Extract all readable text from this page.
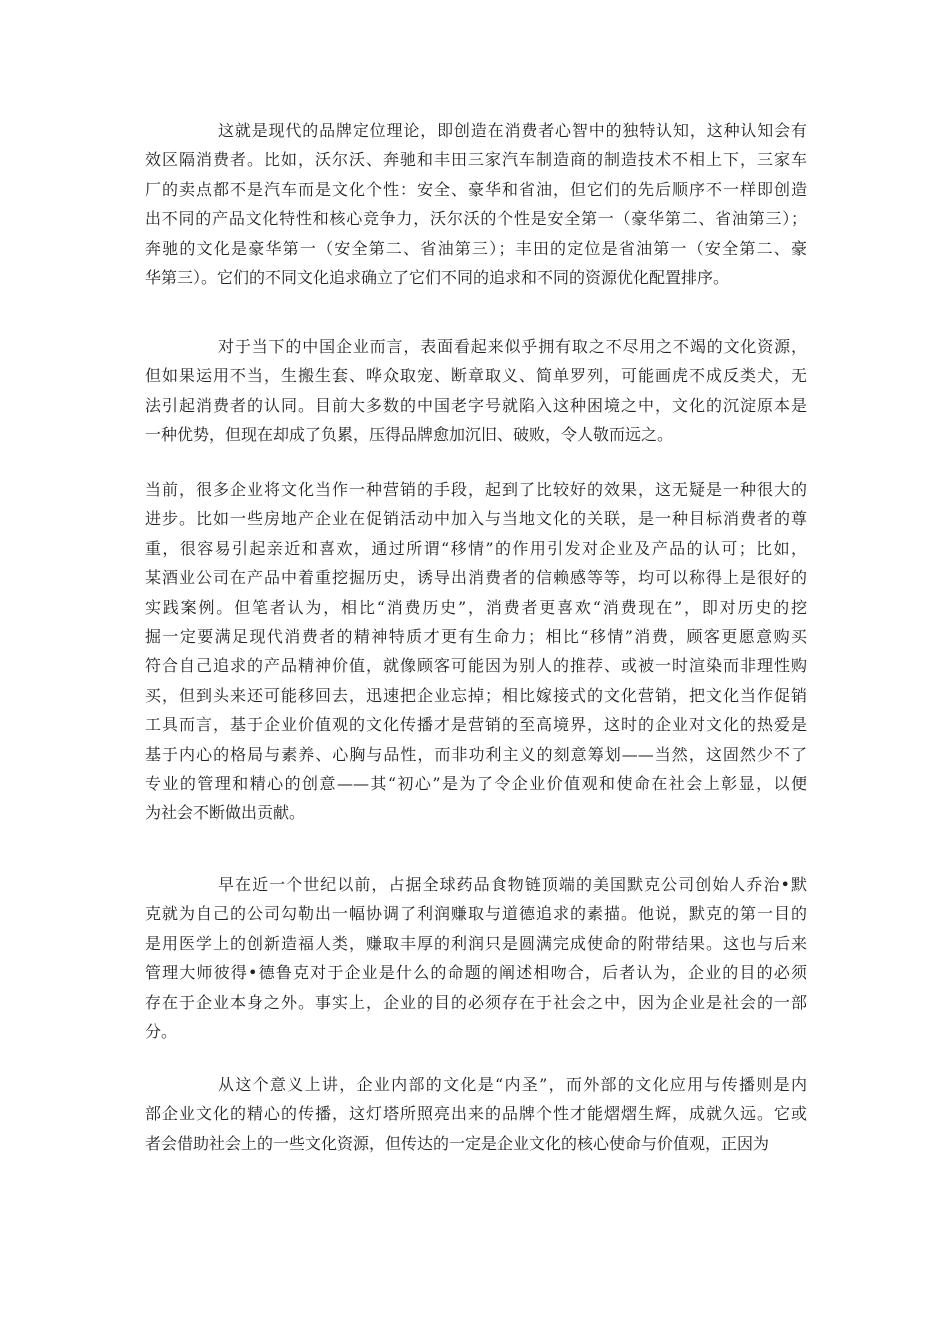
这就是现代的品牌定位理论，即创造在消费者心智中的独特认知，这种认知会有
效区隔消费者。比如，沃尔沃、奔驰和丰田三家汽车制造商的制造技术不相上下，三家车
厂的卖点都不是汽车而是文化个性：安全、豪华和省油，但它们的先后顺序不一样即创造
出不同的产品文化特性和核心竞争力，沃尔沃的个性是安全第一（豪华第二、省油第三）；
奔驰的文化是豪华第一（安全第二、省油第三）；丰田的定位是省油第一（安全第二、豪
华第三）。它们的不同文化追求确立了它们不同的追求和不同的资源优化配置排序。
对于当下的中国企业而言，表面看起来似乎拥有取之不尽用之不竭的文化资源，
但如果运用不当，生搬生套、哗众取宠、断章取义、简单罗列，可能画虎不成反类犬，无
法引起消费者的认同。目前大多数的中国老字号就陷入这种困境之中，文化的沉淀原本是
一种优势，但现在却成了负累，压得品牌愈加沉旧、破败，令人敬而远之。
当前，很多企业将文化当作一种营销的手段，起到了比较好的效果，这无疑是一种很大的
进步。比如一些房地产企业在促销活动中加入与当地文化的关联，是一种目标消费者的尊
重，很容易引起亲近和喜欢，通过所谓“移情”的作用引发对企业及产品的认可；比如，
某酒业公司在产品中着重挖掘历史，诱导出消费者的信赖感等等，均可以称得上是很好的
实践案例。但笔者认为，相比“消费历史”，消费者更喜欢“消费现在”，即对历史的挖
掘一定要满足现代消费者的精神特质才更有生命力；相比“移情”消费，顾客更愿意购买
符合自己追求的产品精神价值，就像顾客可能因为别人的推荐、或被一时渲染而非理性购
买，但到头来还可能移回去，迅速把企业忘掉；相比嫁接式的文化营销，把文化当作促销
工具而言，基于企业价值观的文化传播才是营销的至高境界，这时的企业对文化的热爱是
基于内心的格局与素养、心胸与品性，而非功利主义的刻意筹划——当然，这固然少不了
专业的管理和精心的创意——其“初心”是为了令企业价值观和使命在社会上彰显，以便
为社会不断做出贡献。
早在近一个世纪以前，占据全球药品食物链顶端的美国默克公司创始人乔治•默
克就为自己的公司勾勒出一幅协调了利润赚取与道德追求的素描。他说，默克的第一目的
是用医学上的创新造福人类，赚取丰厚的利润只是圆满完成使命的附带结果。这也与后来
管理大师彼得•德鲁克对于企业是什么的命题的阐述相吻合，后者认为，企业的目的必须
存在于企业本身之外。事实上，企业的目的必须存在于社会之中，因为企业是社会的一部
分。
从这个意义上讲，企业内部的文化是“内圣”，而外部的文化应用与传播则是内
部企业文化的精心的传播，这灯塔所照亮出来的品牌个性才能熠熠生辉，成就久远。它或
者会借助社会上的一些文化资源，但传达的一定是企业文化的核心使命与价值观，正因为
